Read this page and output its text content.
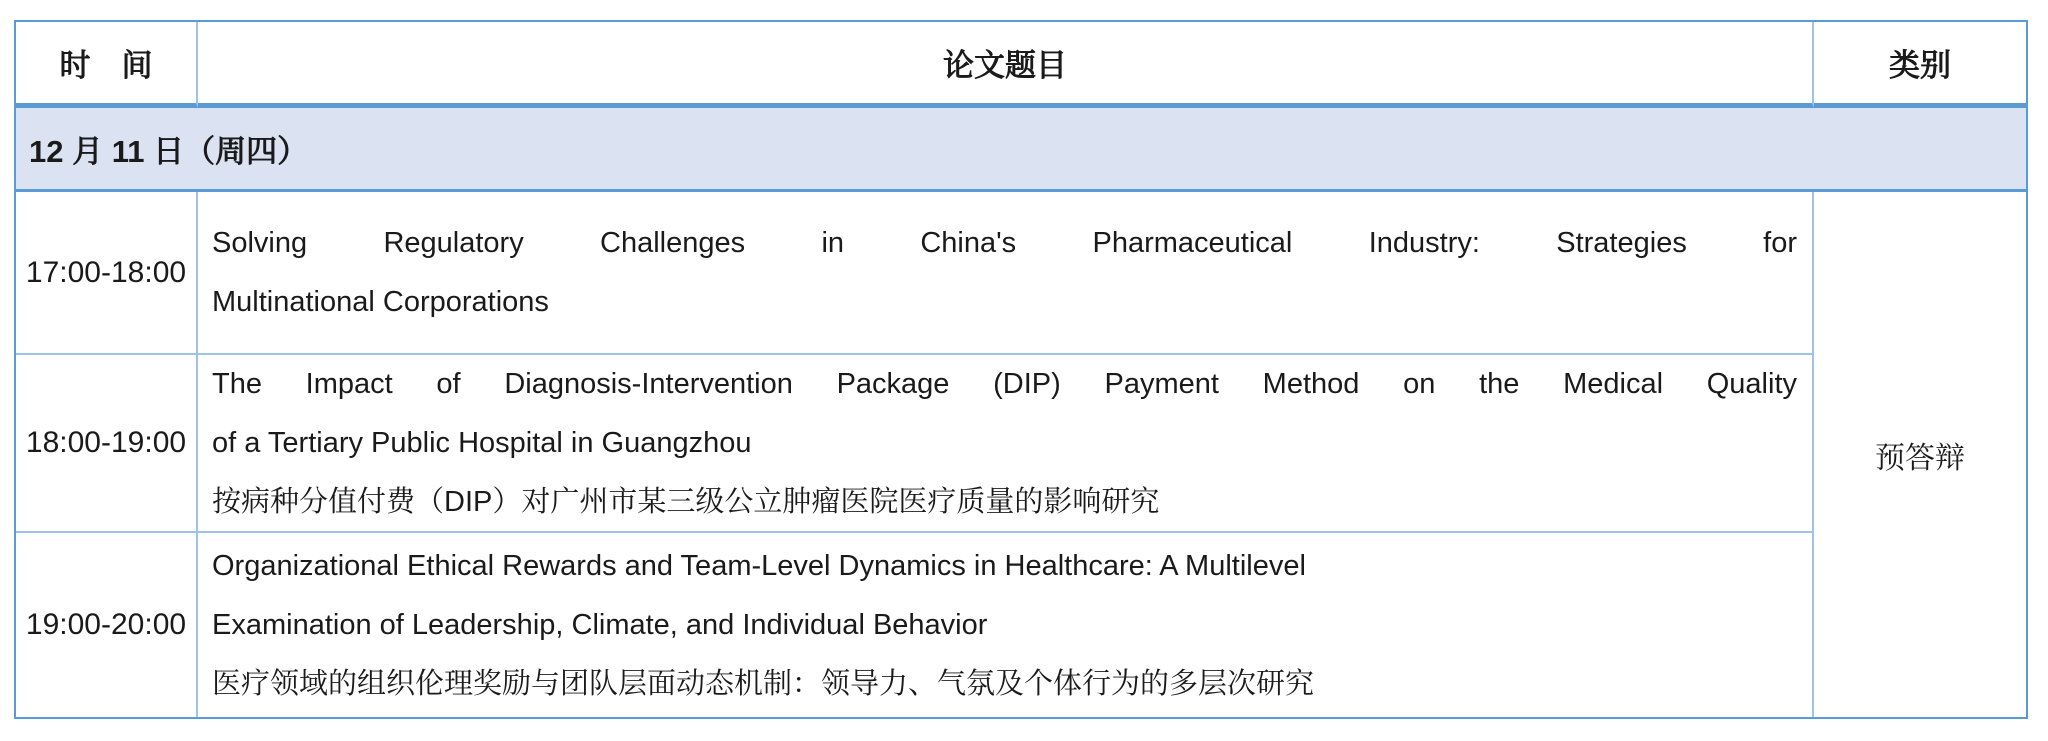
时　间	论文题目	类别
12 月 11 日（周四）
17:00-18:00
Solving Regulatory Challenges in China's Pharmaceutical Industry: Strategies for
Multinational Corporations
18:00-19:00
The Impact of Diagnosis-Intervention Package (DIP) Payment Method on the Medical Quality
of a Tertiary Public Hospital in Guangzhou
按病种分值付费（DIP）对广州市某三级公立肿瘤医院医疗质量的影响研究
19:00-20:00
Organizational Ethical Rewards and Team-Level Dynamics in Healthcare: A Multilevel
Examination of Leadership, Climate, and Individual Behavior
医疗领域的组织伦理奖励与团队层面动态机制：领导力、气氛及个体行为的多层次研究
预答辩
